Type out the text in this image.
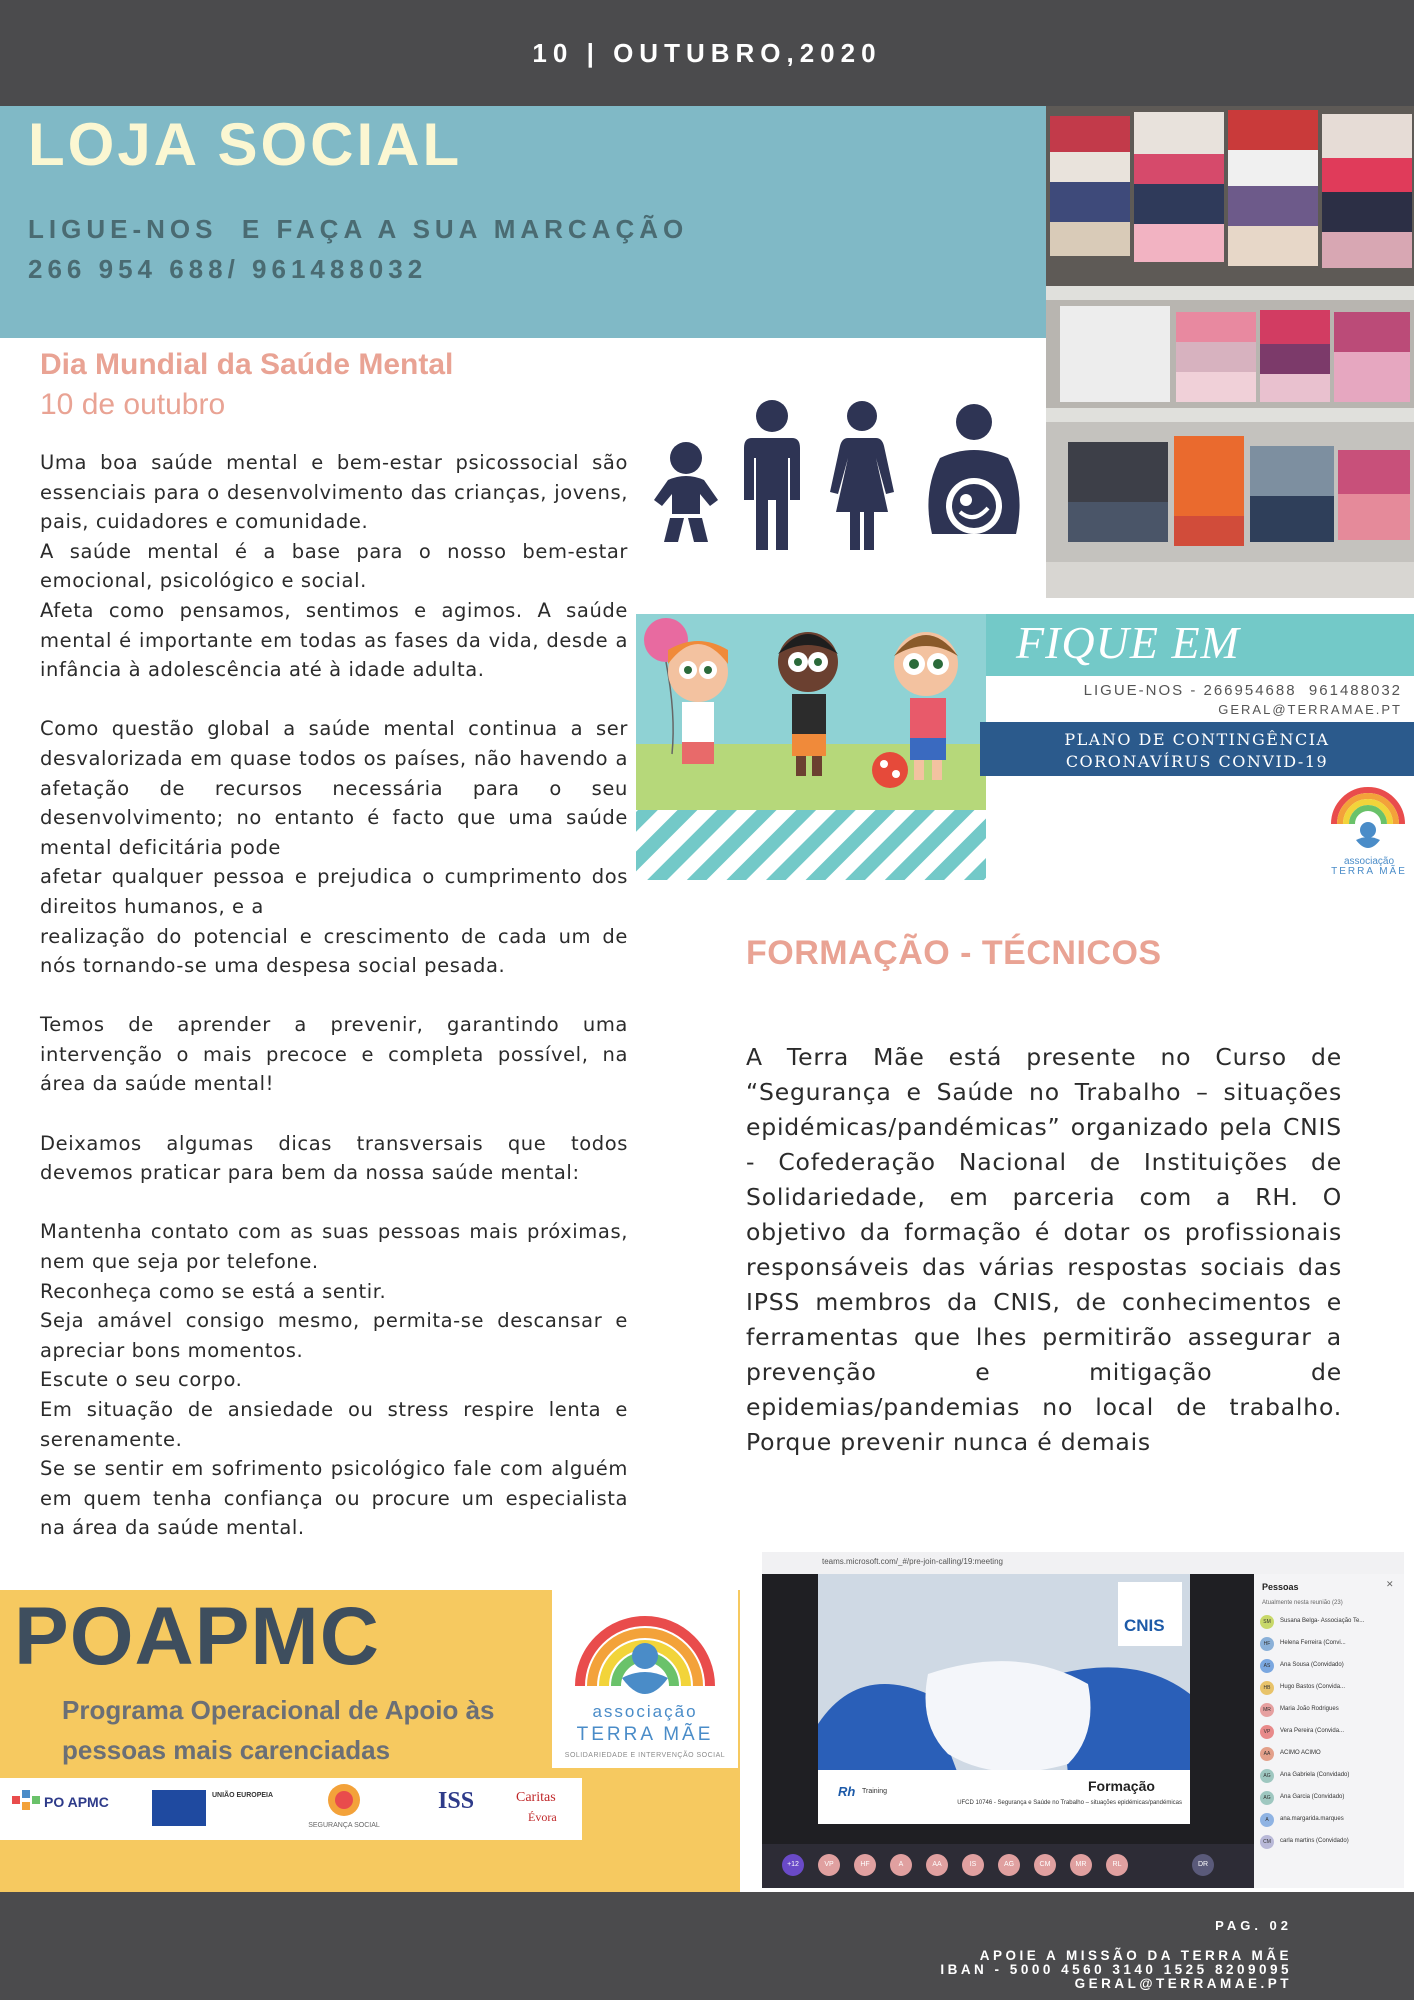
10 | OUTUBRO,2020
LOJA SOCIAL
LIGUE-NOS  E FAÇA A SUA MARCAÇÃO
266 954 688/ 961488032
Dia Mundial da Saúde Mental
10 de outubro

Uma boa saúde mental e bem-estar psicossocial são essenciais para o desenvolvimento das crianças, jovens, pais, cuidadores e comunidade.

A saúde mental é a base para o nosso bem-estar emocional, psicológico e social.

Afeta como pensamos, sentimos e agimos. A saúde mental é importante em todas as fases da vida, desde a infância à adolescência até à idade adulta.

Como questão global a saúde mental continua a ser desvalorizada em quase todos os países, não havendo a afetação de recursos necessária para o seu desenvolvimento; no entanto é facto que uma saúde mental deficitária pode

afetar qualquer pessoa e prejudica o cumprimento dos direitos humanos, e a

realização do potencial e crescimento de cada um de nós tornando-se uma despesa social pesada.

Temos de aprender a prevenir, garantindo uma intervenção o mais precoce e completa possível, na área da saúde mental!

Deixamos algumas dicas transversais que todos devemos praticar para bem da nossa saúde mental:

Mantenha contato com as suas pessoas mais próximas, nem que seja por telefone.

Reconheça como se está a sentir.

Seja amável consigo mesmo, permita-se descansar e apreciar bons momentos.

Escute o seu corpo.

Em situação de ansiedade ou stress respire lenta e serenamente.

Se se sentir em sofrimento psicológico fale com alguém em quem tenha confiança ou procure um especialista na área da saúde mental.

FIQUE EM CASA!!!
LIGUE-NOS - 266954688  961488032
GERAL@TERRAMAE.PT
PLANO DE CONTINGÊNCIA
CORONAVÍRUS CONVID-19
associação
TERRA MÃE
FORMAÇÃO - TÉCNICOS
A Terra Mãe está presente no Curso de “Segurança e Saúde no Trabalho – situações epidémicas/pandémicas” organizado pela CNIS - Cofederação Nacional de Instituições de Solidariedade, em parceria com a RH. O objetivo da formação é dotar os profissionais responsáveis das várias respostas sociais das IPSS membros da CNIS, de conhecimentos e ferramentas que lhes permitirão assegurar a prevenção e mitigação de epidemias/pandemias no local de trabalho. Porque prevenir nunca é demais
POAPMC
Programa Operacional de Apoio às
pessoas mais carenciadas
associação
TERRA MÃE
SOLIDARIEDADE E INTERVENÇÃO SOCIAL
PO APMC	UNIÃO EUROPEIA
SEGURANÇA SOCIAL
ISS	Caritas
Évora
teams.microsoft.com/_#/pre-join-calling/19:meeting
CNIS
Rh Training	Formação
UFCD 10746 - Segurança e Saúde no Trabalho – situações epidémicas/pandémicas
Pessoas	✕
Atualmente nesta reunião (23)
SM	Susana Belga- Associação Te...
HF	Helena Ferreira (Convi...
AS	Ana Sousa (Convidado)
HB	Hugo Bastos (Convida...
MR	Maria João Rodrigues
VP	Vera Pereira (Convida...
AA	ACIMO ACIMO
AG	Ana Gabriela (Convidado)
AG	Ana Garcia (Convidado)
A	ana.margarida.marques
CM	carla martins (Convidado)
+12	VP	HF	A	AA	IS	AG	CM	MR	RL	DR
PAG. 02
APOIE A MISSÃO DA TERRA MÃE
IBAN - 5000 4560 3140 1525 8209095
GERAL@TERRAMAE.PT
